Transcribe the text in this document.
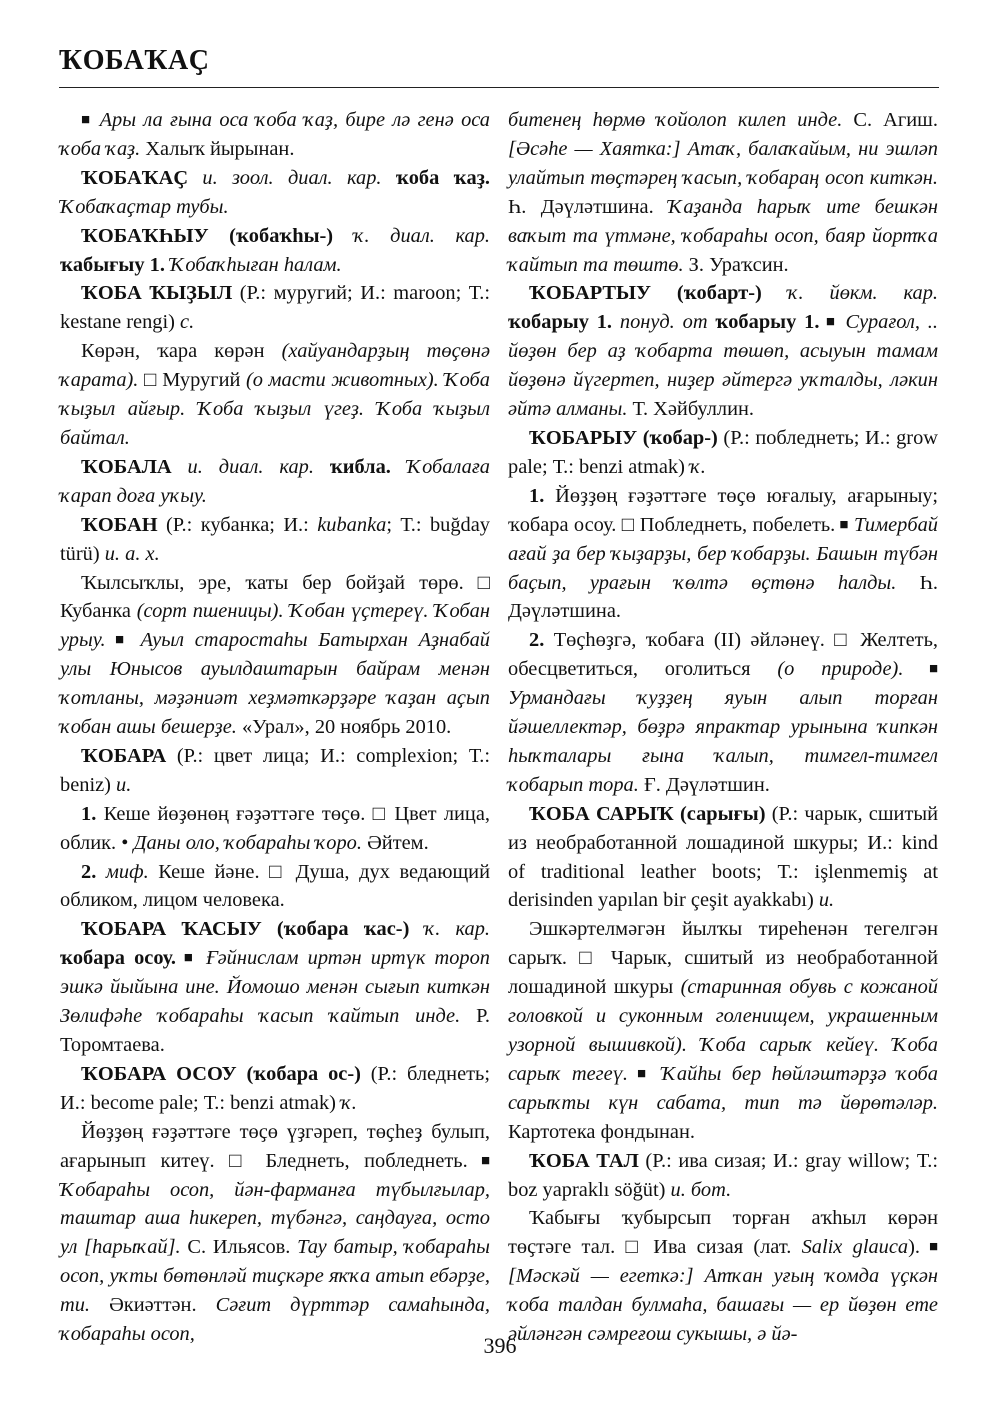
ҠОБАҠАҪ

■ Ары ла ғына оса ҡоба ҡаҙ, бире лә генә оса ҡоба ҡаҙ. Халыҡ йырынан.

ҠОБАҠАҪ и. зоол. диал. кар. ҡоба ҡаҙ. Ҡобаҡаҫтар тубы.

ҠОБАҠҺЫУ (ҡобаҡһы-) ҡ. диал. кар. ҡабығыу 1. Ҡобаҡһыған һалам.

ҠОБА ҠЫҘЫЛ (Р.: муругий; И.: maroon; Т.: kestane rengi) с.

Көрән, ҡара көрән (хайуандарҙың төҫөнә ҡарата). □ Муругий (о масти животных). Ҡоба ҡыҙыл айғыр. Ҡоба ҡыҙыл үгеҙ. Ҡоба ҡыҙыл байтал.

ҠОБАЛА и. диал. кар. ҡибла. Ҡобалаға ҡарап доға уҡыу.

ҠОБАН (Р.: кубанка; И.: kubanka; Т.: buğday türü) и. а. х.

Ҡылсыҡлы, эре, ҡаты бер бойҙай төрө. □ Кубанка (сорт пшеницы). Ҡобан үҫтереү. Ҡобан урыу. ■ Ауыл старостаһы Батырхан Аҙнабай улы Юнысов ауылдаштарын байрам менән ҡотланы, мәҙәниәт хеҙмәткәрҙәре ҡаҙан аҫып ҡобан ашы бешерҙе. «Урал», 20 ноябрь 2010.

ҠОБАРА (Р.: цвет лица; И.: complexion; Т.: beniz) и.

1. Кеше йөҙөнөң ғәҙәттәге төҫө. □ Цвет лица, облик. • Даны оло, ҡобараһы ҡоро. Әйтем.

2. миф. Кеше йәне. □ Душа, дух ведающий обликом, лицом человека.

ҠОБАРА ҠАСЫУ (ҡобара ҡас-) ҡ. кар. ҡобара осоу. ■ Ғәйнислам иртән иртүк тороп эшкә йыйына ине. Йомошо менән сығып киткән Зөлифәһе ҡобараһы ҡасып ҡайтып инде. Р. Торомтаева.

ҠОБАРА ОСОУ (ҡобара ос-) (Р.: бледнеть; И.: become pale; Т.: benzi atmak) ҡ.

Йөҙҙөң ғәҙәттәге төҫө үҙгәреп, төҫһеҙ булып, ағарынып китеү. □ Бледнеть, побледнеть. ■ Ҡобараһы осоп, йән-фарманға түбылғылар, таштар аша һикереп, түбәнгә, саңдауға, осто ул [һарыҡай]. С. Ильясов. Тау батыр, ҡобараһы осоп, уҡты бөтөнләй тиҫкәре яҡҡа атып ебәрҙе, ти. Әкиәттән. Сәғит дүрттәр самаһында, ҡобараһы осоп,

битенең һөрмө ҡойолоп килеп инде. С. Агиш. [Әсәһе — Хаятка:] Атаҡ, балаҡайым, ни эшләп улайтып төҫтәрең ҡасып, ҡобараң осоп киткән. Һ. Дәүләтшина. Ҡаҙанда һарыҡ ите бешкән ваҡыт та үтмәне, ҡобараһы осоп, баяр йортҡа ҡайтып та төштө. З. Ураҡсин.

ҠОБАРТЫУ (ҡобарт-) ҡ. йөкм. кар. ҡобарыу 1. понуд. от ҡобарыу 1. ■ Сурағол, .. йөҙөн бер аҙ ҡобарта төшөп, асыуын тамам йөҙөнә йүгертеп, ниҙер әйтергә уҡталды, ләкин әйтә алманы. Т. Хәйбуллин.

ҠОБАРЫУ (ҡобар-) (Р.: побледнеть; И.: grow pale; Т.: benzi atmak) ҡ.

1. Йөҙҙөң ғәҙәттәге төҫө юғалыу, ағарыныу; ҡобара осоу. □ Побледнеть, побелеть. ■ Тимербай ағай ҙа бер ҡыҙарҙы, бер ҡобарҙы. Башын түбән баҫып, урағын ҡөлтә өҫтөнә һалды. Һ. Дәүләтшина.

2. Төҫһөҙгә, ҡобаға (II) әйләнеү. □ Желтеть, обесцветиться, оголиться (о природе). ■ Урмандағы ҡуҙҙең яуын алып торған йәшеллектәр, бөҙрә япрактар урынына ҡипкән һыҡталары ғына ҡалып, тимгел-тимгел ҡобарып тора. Ғ. Дәүләтшин.

ҠОБА САРЫҠ (сарығы) (Р.: чарык, сшитый из необработанной лошадиной шкуры; И.: kind of traditional leather boots; Т.: işlenmemiş at derisinden yapılan bir çeşit ayakkabı) и.

Эшкәртелмәгән йылҡы тиреһенән тегелгән сарыҡ. □ Чарык, сшитый из необработанной лошадиной шкуры (старинная обувь с кожаной головкой и суконным голенищем, украшенным узорной вышивкой). Ҡоба сарыҡ кейеү. Ҡоба сарыҡ тегеү. ■ Ҡайһы бер һөйләштәрҙә ҡоба сарыҡты күн сабата, тип тә йөрөтәләр. Картотека фондынан.

ҠОБА ТАЛ (Р.: ива сизая; И.: gray willow; Т.: boz yapraklı söğüt) и. бот.

Ҡабығы ҡубырсып торған аҡһыл көрән төҫтәге тал. □ Ива сизая (лат. Salix glauca). ■ [Мәскәй — егеткә:] Атҡан уғың ҡомда үҫкән ҡоба талдан булмаһа, башағы — ер йөҙөн ете әйләнгән сәмреғош сукышы, ә йә-

396
